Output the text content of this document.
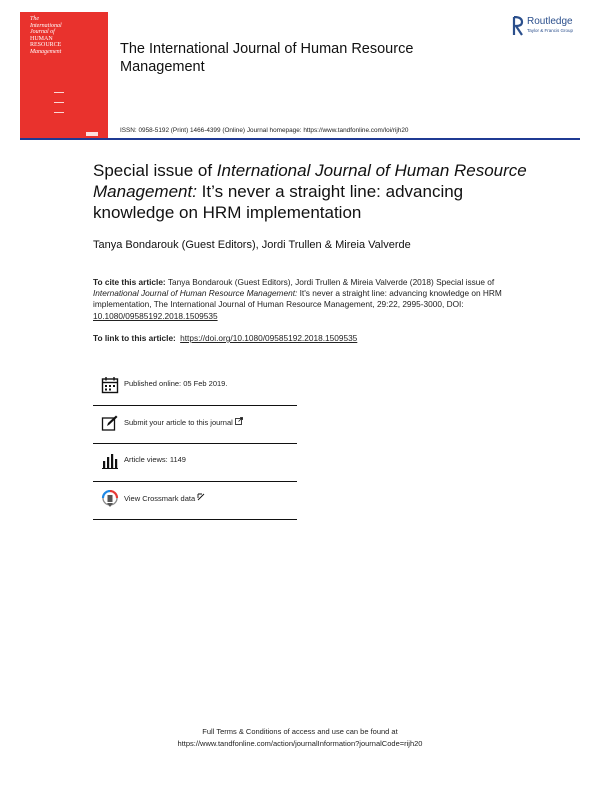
The
International
Journal of
HUMAN
RESOURCE
Management	The International Journal of Human Resource Management
Routledge
Taylor & Francis Group
ISSN: 0958-5192 (Print) 1466-4399 (Online) Journal homepage: https://www.tandfonline.com/loi/rijh20
Special issue of International Journal of Human Resource Management: It’s never a straight line: advancing knowledge on HRM implementation
Tanya Bondarouk (Guest Editors), Jordi Trullen & Mireia Valverde
To cite this article: Tanya Bondarouk (Guest Editors), Jordi Trullen & Mireia Valverde (2018) Special issue of International Journal of Human Resource Management: It's never a straight line: advancing knowledge on HRM implementation, The International Journal of Human Resource Management, 29:22, 2995-3000, DOI: 10.1080/09585192.2018.1509535
To link to this article: https://doi.org/10.1080/09585192.2018.1509535
Published online: 05 Feb 2019.
Submit your article to this journal
Article views: 1149
View Crossmark data
Full Terms & Conditions of access and use can be found at
https://www.tandfonline.com/action/journalInformation?journalCode=rijh20
